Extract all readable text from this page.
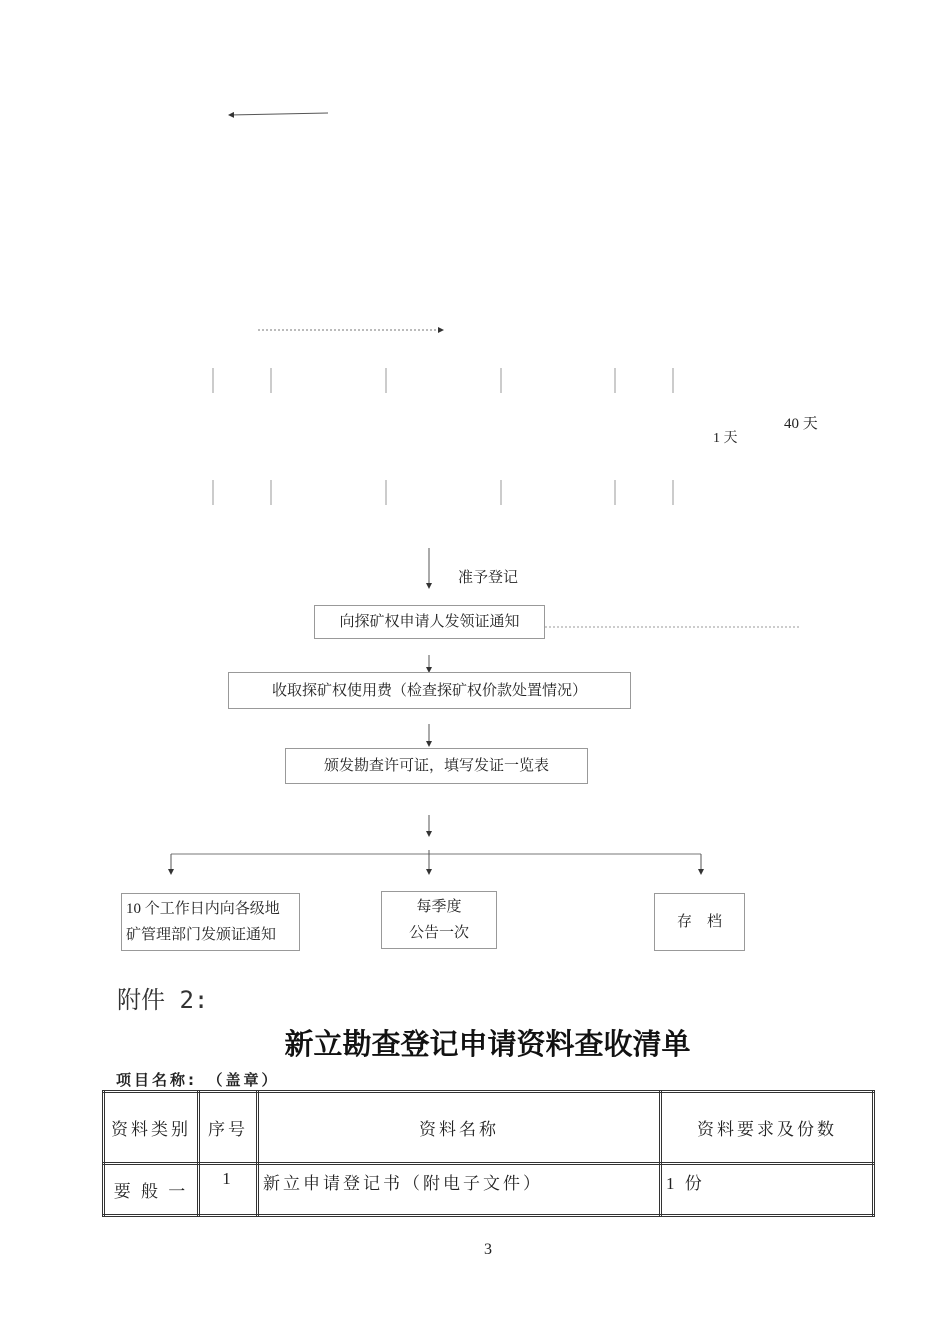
40 天
1 天
准予登记
向探矿权申请人发领证通知
收取探矿权使用费（检查探矿权价款处置情况）
颁发勘查许可证，填写发证一览表
10 个工作日内向各级地
矿管理部门发颁证通知
每季度
公告一次
存　档
附件 2:
新立勘查登记申请资料查收清单
项目名称:　（盖章）
资料类别	序号	资料名称	资料要求及份数
要 般 一	1	新立申请登记书（附电子文件）	1 份
3
